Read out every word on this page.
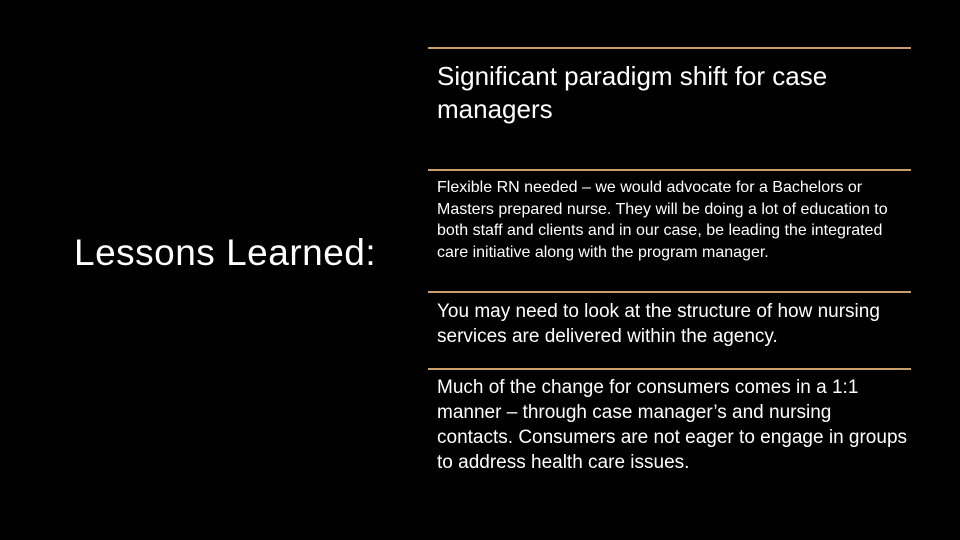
Lessons Learned:

Significant paradigm shift for case managers

Flexible RN needed – we would advocate for a Bachelors or Masters prepared nurse. They will be doing a lot of education to both staff and clients and in our case, be leading the integrated care initiative along with the program manager.

You may need to look at the structure of how nursing services are delivered within the agency.

Much of the change for consumers comes in a 1:1 manner – through case manager’s and nursing contacts. Consumers are not eager to engage in groups to address health care issues.
